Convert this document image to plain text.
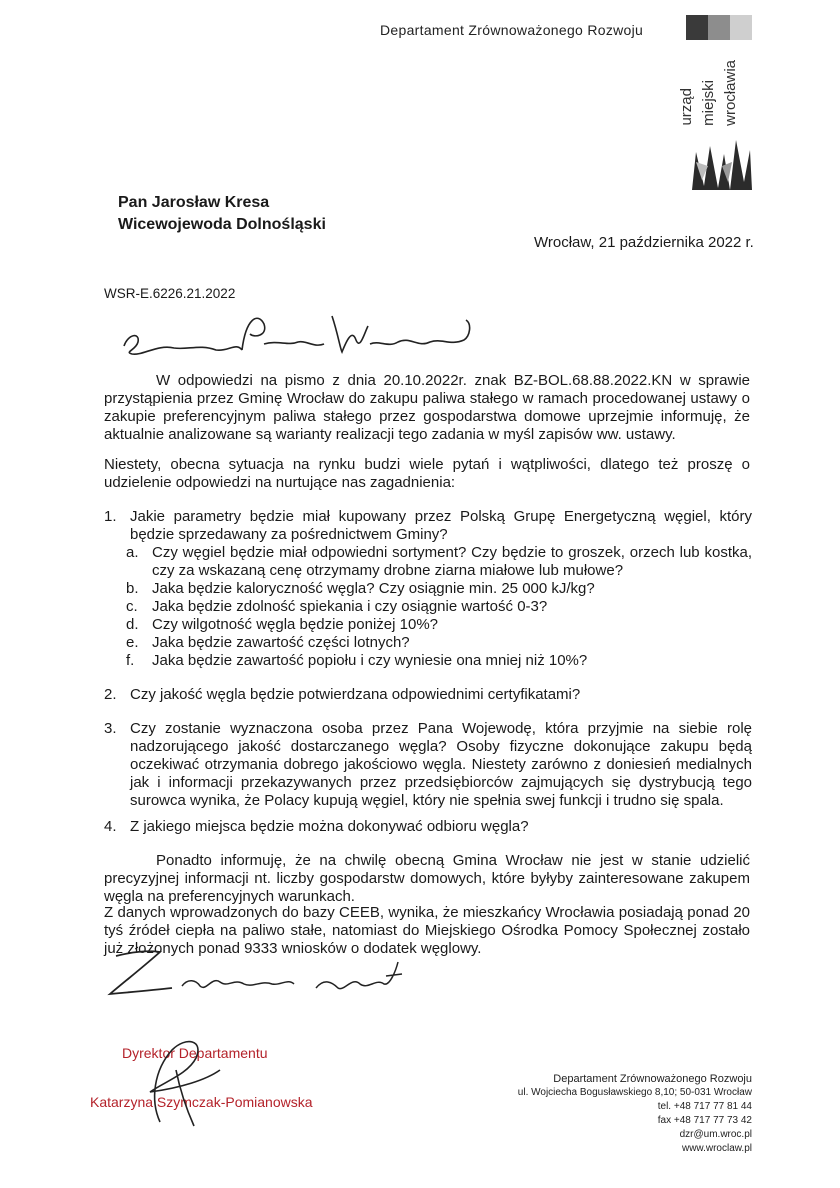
Departament Zrównoważonego Rozwoju
urząd miejski wrocławia
Pan Jarosław Kresa
Wicewojewoda Dolnośląski
Wrocław, 21 października 2022 r.
WSR-E.6226.21.2022
W odpowiedzi na pismo z dnia 20.10.2022r. znak BZ-BOL.68.88.2022.KN w sprawie przystąpienia przez Gminę Wrocław do zakupu paliwa stałego w ramach procedowanej ustawy o zakupie preferencyjnym paliwa stałego przez gospodarstwa domowe uprzejmie informuję, że aktualnie analizowane są warianty realizacji tego zadania w myśl zapisów ww. ustawy.
Niestety, obecna sytuacja na rynku budzi wiele pytań i wątpliwości, dlatego też proszę o udzielenie odpowiedzi na nurtujące nas zagadnienia:
1. Jakie parametry będzie miał kupowany przez Polską Grupę Energetyczną węgiel, który będzie sprzedawany za pośrednictwem Gminy?
a. Czy węgiel będzie miał odpowiedni sortyment? Czy będzie to groszek, orzech lub kostka, czy za wskazaną cenę otrzymamy drobne ziarna miałowe lub mułowe?
b. Jaka będzie kaloryczność węgla? Czy osiągnie min. 25 000 kJ/kg?
c. Jaka będzie zdolność spiekania i czy osiągnie wartość 0-3?
d. Czy wilgotność węgla będzie poniżej 10%?
e. Jaka będzie zawartość części lotnych?
f. Jaka będzie zawartość popiołu i czy wyniesie ona mniej niż 10%?
2. Czy jakość węgla będzie potwierdzana odpowiednimi certyfikatami?
3. Czy zostanie wyznaczona osoba przez Pana Wojewodę, która przyjmie na siebie rolę nadzorującego jakość dostarczanego węgla? Osoby fizyczne dokonujące zakupu będą oczekiwać otrzymania dobrego jakościowo węgla. Niestety zarówno z doniesień medialnych jak i informacji przekazywanych przez przedsiębiorców zajmujących się dystrybucją tego surowca wynika, że Polacy kupują węgiel, który nie spełnia swej funkcji i trudno się spala.
4. Z jakiego miejsca będzie można dokonywać odbioru węgla?
Ponadto informuję, że na chwilę obecną Gmina Wrocław nie jest w stanie udzielić precyzyjnej informacji nt. liczby gospodarstw domowych, które byłyby zainteresowane zakupem węgla na preferencyjnych warunkach.
Z danych wprowadzonych do bazy CEEB, wynika, że mieszkańcy Wrocławia posiadają ponad 20 tyś źródeł ciepła na paliwo stałe, natomiast do Miejskiego Ośrodka Pomocy Społecznej zostało już złożonych ponad 9333 wniosków o dodatek węglowy.
Dyrektor Departamentu
Katarzyna Szymczak-Pomianowska
Departament Zrównoważonego Rozwoju
ul. Wojciecha Bogusławskiego 8,10; 50-031 Wrocław
tel. +48 717 77 81 44
fax +48 717 77 73 42
dzr@um.wroc.pl
www.wroclaw.pl
